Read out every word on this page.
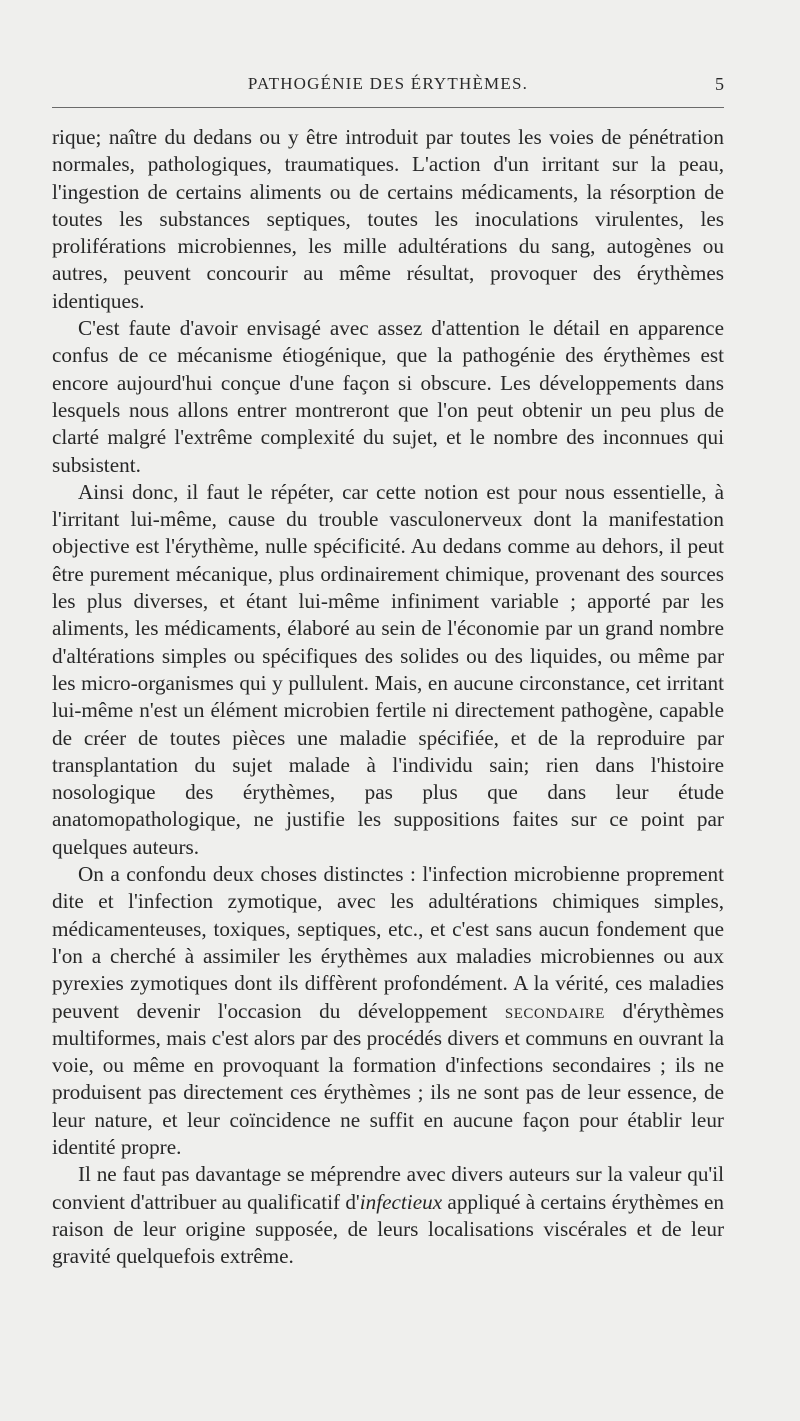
PATHOGÉNIE DES ÉRYTHÈMES.	5

rique; naître du dedans ou y être introduit par toutes les voies de pénétration normales, pathologiques, traumatiques. L'action d'un irritant sur la peau, l'ingestion de certains aliments ou de certains médicaments, la résorption de toutes les substances septiques, toutes les inoculations virulentes, les proliférations microbiennes, les mille adultérations du sang, autogènes ou autres, peuvent concourir au même résultat, provoquer des érythèmes identiques.

C'est faute d'avoir envisagé avec assez d'attention le détail en apparence confus de ce mécanisme étiogénique, que la pathogénie des érythèmes est encore aujourd'hui conçue d'une façon si obscure. Les développements dans lesquels nous allons entrer montreront que l'on peut obtenir un peu plus de clarté malgré l'extrême complexité du sujet, et le nombre des inconnues qui subsistent.

Ainsi donc, il faut le répéter, car cette notion est pour nous essentielle, à l'irritant lui-même, cause du trouble vasculonerveux dont la manifestation objective est l'érythème, nulle spécificité. Au dedans comme au dehors, il peut être purement mécanique, plus ordinairement chimique, provenant des sources les plus diverses, et étant lui-même infiniment variable ; apporté par les aliments, les médicaments, élaboré au sein de l'économie par un grand nombre d'altérations simples ou spécifiques des solides ou des liquides, ou même par les micro-organismes qui y pullulent. Mais, en aucune circonstance, cet irritant lui-même n'est un élément microbien fertile ni directement pathogène, capable de créer de toutes pièces une maladie spécifiée, et de la reproduire par transplantation du sujet malade à l'individu sain; rien dans l'histoire nosologique des érythèmes, pas plus que dans leur étude anatomopathologique, ne justifie les suppositions faites sur ce point par quelques auteurs.

On a confondu deux choses distinctes : l'infection microbienne proprement dite et l'infection zymotique, avec les adultérations chimiques simples, médicamenteuses, toxiques, septiques, etc., et c'est sans aucun fondement que l'on a cherché à assimiler les érythèmes aux maladies microbiennes ou aux pyrexies zymotiques dont ils diffèrent profondément. A la vérité, ces maladies peuvent devenir l'occasion du développement secondaire d'érythèmes multiformes, mais c'est alors par des procédés divers et communs en ouvrant la voie, ou même en provoquant la formation d'infections secondaires ; ils ne produisent pas directement ces érythèmes ; ils ne sont pas de leur essence, de leur nature, et leur coïncidence ne suffit en aucune façon pour établir leur identité propre.

Il ne faut pas davantage se méprendre avec divers auteurs sur la valeur qu'il convient d'attribuer au qualificatif d'infectieux appliqué à certains érythèmes en raison de leur origine supposée, de leurs localisations viscérales et de leur gravité quelquefois extrême.
